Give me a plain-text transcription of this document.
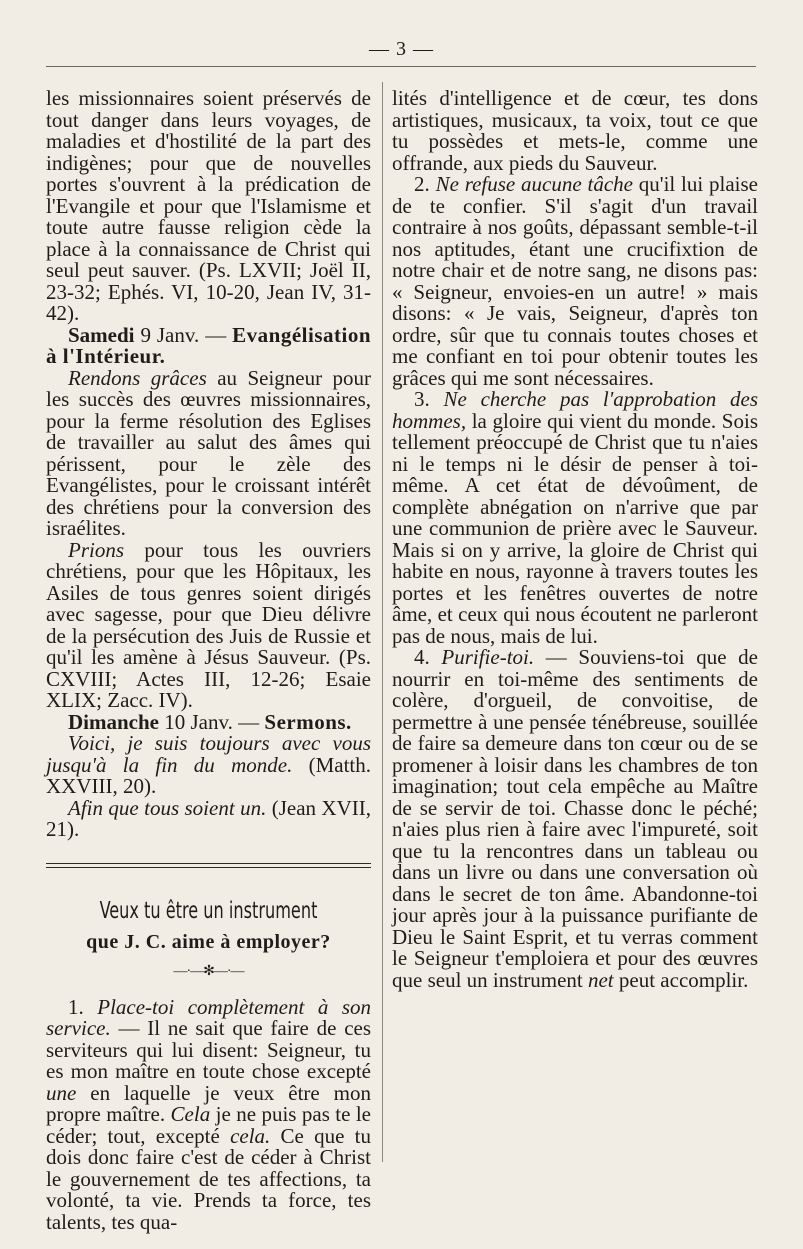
— 3 —

les missionnaires soient préservés de tout danger dans leurs voyages, de maladies et d'hostilité de la part des indigènes; pour que de nouvelles portes s'ouvrent à la prédication de l'Evangile et pour que l'Islamisme et toute autre fausse religion cède la place à la connaissance de Christ qui seul peut sauver. (Ps. LXVII; Joël II, 23-32; Ephés. VI, 10-20, Jean IV, 31-42).

Samedi 9 Janv. — Evangélisation à l'Intérieur.

Rendons grâces au Seigneur pour les succès des œuvres missionnaires, pour la ferme résolution des Eglises de travailler au salut des âmes qui périssent, pour le zèle des Evangélistes, pour le croissant intérêt des chrétiens pour la conversion des israélites.

Prions pour tous les ouvriers chrétiens, pour que les Hôpitaux, les Asiles de tous genres soient dirigés avec sagesse, pour que Dieu délivre de la persécution des Juis de Russie et qu'il les amène à Jésus Sauveur. (Ps. CXVIII; Actes III, 12-26; Esaie XLIX; Zacc. IV).

Dimanche 10 Janv. — Sermons.

Voici, je suis toujours avec vous jusqu'à la fin du monde. (Matth. XXVIII, 20).

Afin que tous soient un. (Jean XVII, 21).

Veux tu être un instrument
que J. C. aime à employer?
—·—✻—·—

1. Place-toi complètement à son service. — Il ne sait que faire de ces serviteurs qui lui disent: Seigneur, tu es mon maître en toute chose excepté une en laquelle je veux être mon propre maître. Cela je ne puis pas te le céder; tout, excepté cela. Ce que tu dois donc faire c'est de céder à Christ le gouvernement de tes affections, ta volonté, ta vie. Prends ta force, tes talents, tes qua-

lités d'intelligence et de cœur, tes dons artistiques, musicaux, ta voix, tout ce que tu possèdes et mets-le, comme une offrande, aux pieds du Sauveur.

2. Ne refuse aucune tâche qu'il lui plaise de te confier. S'il s'agit d'un travail contraire à nos goûts, dépassant semble-t-il nos aptitudes, étant une crucifixtion de notre chair et de notre sang, ne disons pas: « Seigneur, envoies-en un autre! » mais disons: « Je vais, Seigneur, d'après ton ordre, sûr que tu connais toutes choses et me confiant en toi pour obtenir toutes les grâces qui me sont nécessaires.

3. Ne cherche pas l'approbation des hommes, la gloire qui vient du monde. Sois tellement préoccupé de Christ que tu n'aies ni le temps ni le désir de penser à toi-même. A cet état de dévoûment, de complète abnégation on n'arrive que par une communion de prière avec le Sauveur. Mais si on y arrive, la gloire de Christ qui habite en nous, rayonne à travers toutes les portes et les fenêtres ouvertes de notre âme, et ceux qui nous écoutent ne parleront pas de nous, mais de lui.

4. Purifie-toi. — Souviens-toi que de nourrir en toi-même des sentiments de colère, d'orgueil, de convoitise, de permettre à une pensée ténébreuse, souillée de faire sa demeure dans ton cœur ou de se promener à loisir dans les chambres de ton imagination; tout cela empêche au Maître de se servir de toi. Chasse donc le péché; n'aies plus rien à faire avec l'impureté, soit que tu la rencontres dans un tableau ou dans un livre ou dans une conversation où dans le secret de ton âme. Abandonne-toi jour après jour à la puissance purifiante de Dieu le Saint Esprit, et tu verras comment le Seigneur t'emploiera et pour des œuvres que seul un instrument net peut accomplir.
